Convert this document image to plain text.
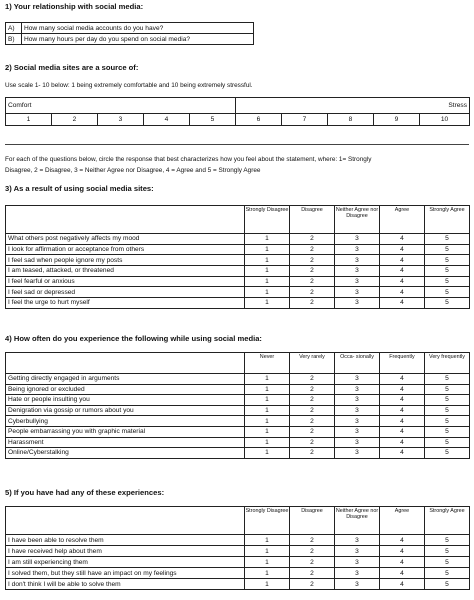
1) Your relationship with social media:
A)	How many social media accounts do you have?
B)	How many hours per day do you spend on social media?
2) Social media sites are a source of:
Use scale 1- 10 below: 1 being extremely comfortable and 10 being extremely stressful.
Comfort					Stress				
1	2	3	4	5	6	7	8	9	10
For each of the questions below, circle the response that best characterizes how you feel about the statement, where: 1= Strongly
Disagree, 2 = Disagree, 3 = Neither Agree nor Disagree, 4 = Agree and 5 = Strongly Agree
3) As a result of using social media sites:
	Strongly Disagree	Disagree	Neither Agree nor Disagree	Agree	Strongly Agree
What others post negatively affects my mood	1	2	3	4	5
I look for affirmation or acceptance from others	1	2	3	4	5
I feel sad when people ignore my posts	1	2	3	4	5
I am teased, attacked, or threatened	1	2	3	4	5
I feel fearful or anxious	1	2	3	4	5
I feel sad or depressed	1	2	3	4	5
I feel the urge to hurt myself	1	2	3	4	5
4) How often do you experience the following while using social media:
	Never	Very rarely	Occa- sionally	Frequently	Very frequently
Getting directly engaged in arguments	1	2	3	4	5
Being ignored or excluded	1	2	3	4	5
Hate or people insulting you	1	2	3	4	5
Denigration via gossip or rumors about you	1	2	3	4	5
Cyberbullying	1	2	3	4	5
People embarrassing you with graphic material	1	2	3	4	5
Harassment	1	2	3	4	5
Online/Cyberstalking	1	2	3	4	5
5) If you have had any of these experiences:
	Strongly Disagree	Disagree	Neither Agree nor Disagree	Agree	Strongly Agree
I have been able to resolve them	1	2	3	4	5
I have received help about them	1	2	3	4	5
I am still experiencing them	1	2	3	4	5
I solved them, but they still have an impact on my feelings	1	2	3	4	5
I don't think I will be able to solve them	1	2	3	4	5
